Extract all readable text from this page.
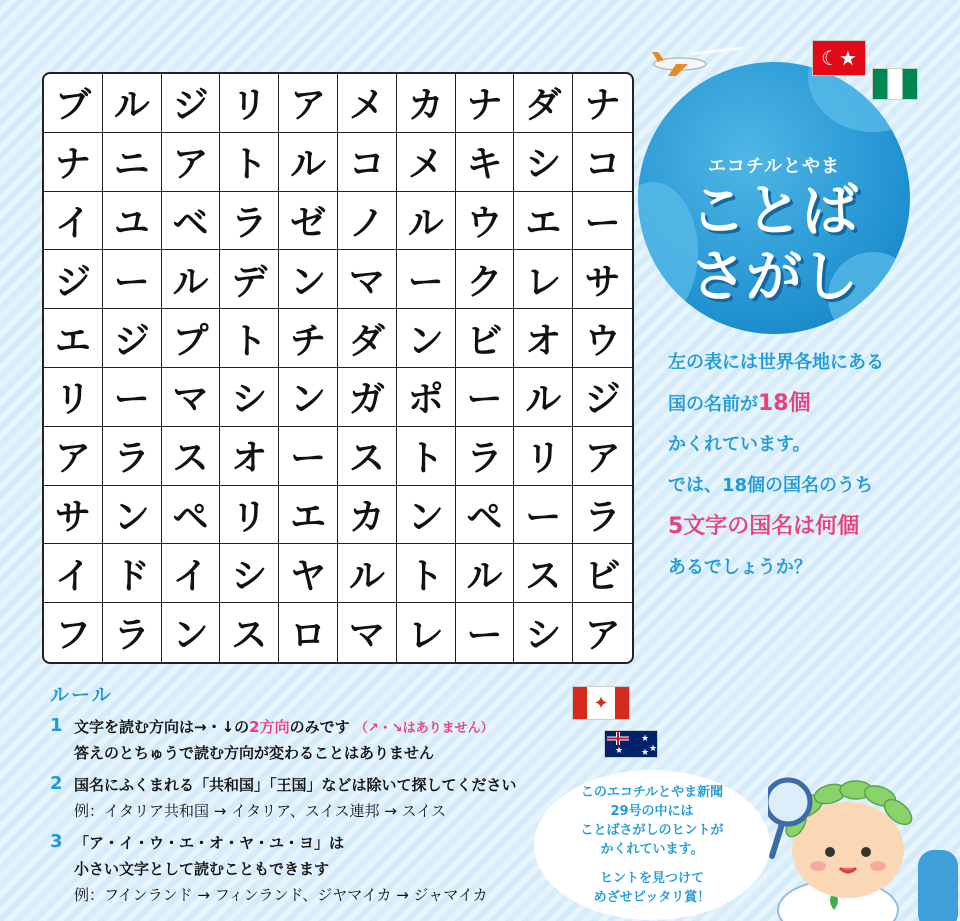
ブ ル ジ リ ア メ カ ナ ダ ナ
ナ ニ ア ト ル コ メ キ シ コ
イ ユ ベ ラ ゼ ノ ル ウ エ ー
ジ ー ル デ ン マ ー ク レ サ
エ ジ プ ト チ ダ ン ビ オ ウ
リ ー マ シ ン ガ ポ ー ル ジ
ア ラ ス オ ー ス ト ラ リ ア
サ ン ペ リ エ カ ン ペ ー ラ
イ ド イ シ ヤ ル ト ル ス ビ
フ ラ ン ス ロ マ レ ー シ ア
エコチルとやま
ことば
さがし
☾★
左の表には世界各地にある
国の名前が18個
かくれています。
では、18個の国名のうち
5文字の国名は何個
あるでしょうか？
✦
★
★
★
★
ルール
1 文字を読む方向は→・↓の2方向のみです （↗・↘はありません）
答えのとちゅうで読む方向が変わることはありません
2 国名にふくまれる「共和国」「王国」などは除いて探してください
例：イタリア共和国 → イタリア、スイス連邦 → スイス
3 「ア・イ・ウ・エ・オ・ヤ・ユ・ヨ」は
小さい文字として読むこともできます
例：フインランド → フィンランド、ジヤマイカ → ジャマイカ
このエコチルとやま新聞
29号の中には
ことばさがしのヒントが
かくれています。
ヒントを見つけて
めざせピッタリ賞！
